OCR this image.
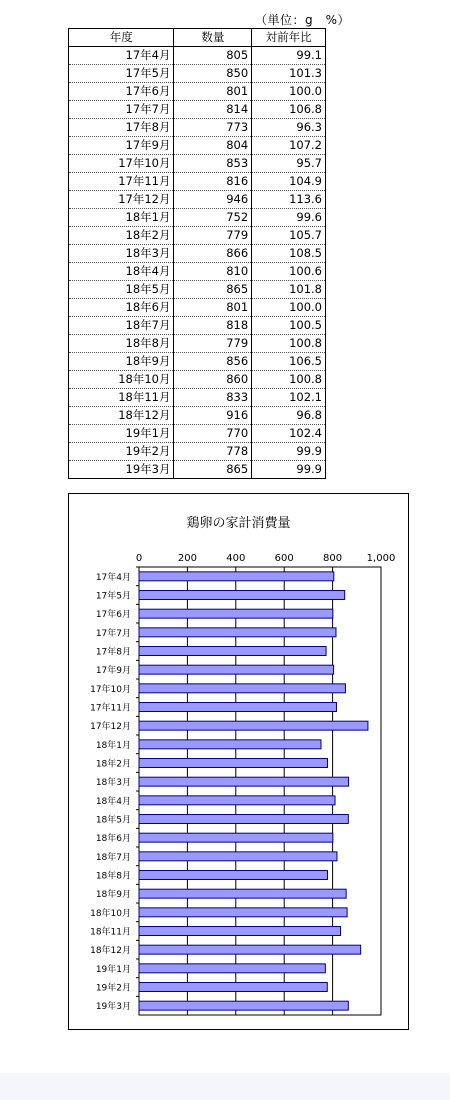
（単位：g　%）
年度	数量	対前年比
17年4月	805	99.1
17年5月	850	101.3
17年6月	801	100.0
17年7月	814	106.8
17年8月	773	96.3
17年9月	804	107.2
17年10月	853	95.7
17年11月	816	104.9
17年12月	946	113.6
18年1月	752	99.6
18年2月	779	105.7
18年3月	866	108.5
18年4月	810	100.6
18年5月	865	101.8
18年6月	801	100.0
18年7月	818	100.5
18年8月	779	100.8
18年9月	856	106.5
18年10月	860	100.8
18年11月	833	102.1
18年12月	916	96.8
19年1月	770	102.4
19年2月	778	99.9
19年3月	865	99.9
鶏卵の家計消費量
0	200	400	600	800 1,000
17年4月
17年5月
17年6月
17年7月
17年8月
17年9月
17年10月
17年11月
17年12月
18年1月
18年2月
18年3月
18年4月
18年5月
18年6月
18年7月
18年8月
18年9月
18年10月
18年11月
18年12月
19年1月
19年2月
19年3月
